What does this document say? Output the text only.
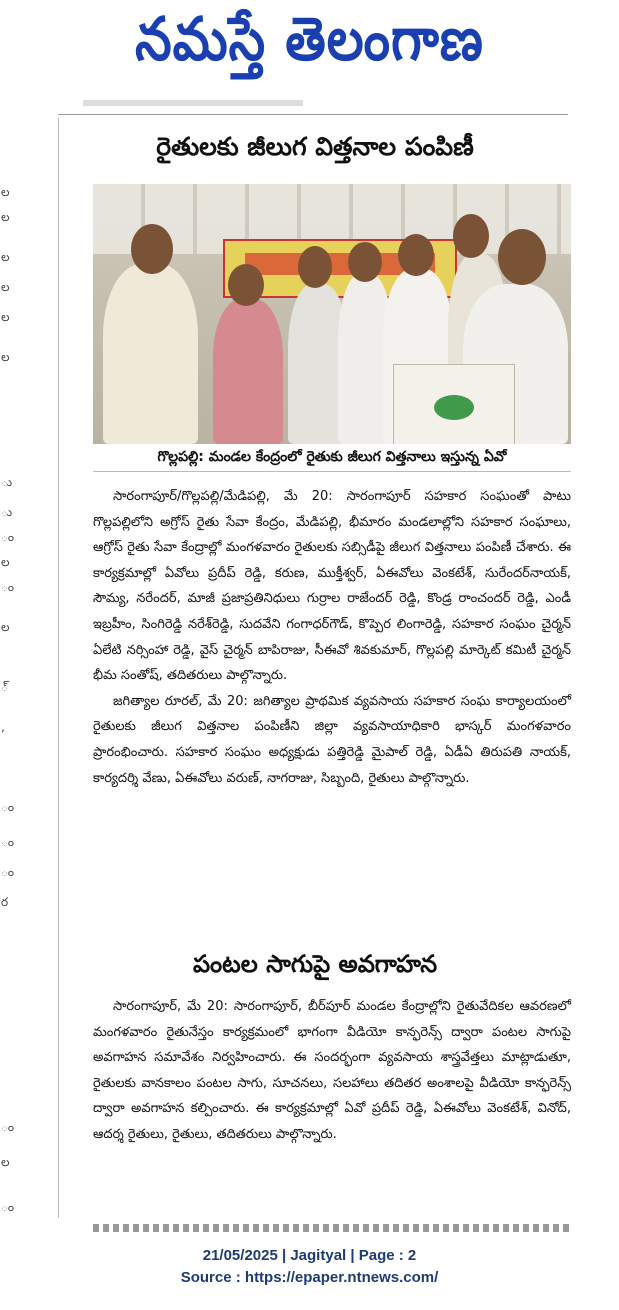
నమస్తే తెలంగాణ
ల
ల
ల
ల
ల
ల
ు
ు
ం
ల
ం
ల
్
,
ం
ం
ం
ర
ం
ల
ం
రైతులకు జీలుగ విత్తనాల పంపిణీ
గొల్లపల్లి: మండల కేంద్రంలో రైతుకు జీలుగ విత్తనాలు ఇస్తున్న ఏవో

సారంగాపూర్/గొల్లపల్లి/మేడిపల్లి, మే 20: సారంగాపూర్ సహకార సంఘంతో పాటు గొల్లపల్లిలోని అగ్రోస్ రైతు సేవా కేంద్రం, మేడిపల్లి, భీమారం మండలాల్లోని సహకార సంఘాలు, ఆగ్రోస్ రైతు సేవా కేంద్రాల్లో మంగళవారం రైతులకు సబ్సిడీపై జీలుగ విత్తనాలు పంపిణీ చేశారు. ఈ కార్యక్రమాల్లో ఏవోలు ప్రదీప్ రెడ్డి, కరుణ, ముక్తీశ్వర్, ఏఈవోలు వెంకటేశ్, సురేందర్‌నాయక్, సౌమ్య, నరేందర్, మాజీ ప్రజాప్రతినిధులు గుర్రాల రాజేందర్ రెడ్డి, కొండ్ర రాంచందర్ రెడ్డి, ఎండీ ఇబ్రహీం, సింగిరెడ్డి నరేశ్‌రెడ్డి, సుదవేని గంగాధర్‌గౌడ్, కొప్పెర లింగారెడ్డి, సహకార సంఘం చైర్మన్ ఏలేటి నర్సింహా రెడ్డి, వైస్ చైర్మన్ బాపిరాజు, సీఈవో శివకుమార్, గొల్లపల్లి మార్కెట్ కమిటీ చైర్మన్ భీమ సంతోష్, తదితరులు పాల్గొన్నారు.

జగిత్యాల రూరల్, మే 20: జగిత్యాల ప్రాథమిక వ్యవసాయ సహకార సంఘ కార్యాలయంలో రైతులకు జీలుగ విత్తనాల పంపిణీని జిల్లా వ్యవసాయాధికారి భాస్కర్ మంగళవారం ప్రారంభించారు. సహకార సంఘం అధ్యక్షుడు పత్తిరెడ్డి మైపాల్ రెడ్డి, ఏడీఏ తిరుపతి నాయక్, కార్యదర్శి వేణు, ఏఈవోలు వరుణ్, నాగరాజు, సిబ్బంది, రైతులు పాల్గొన్నారు.

పంటల సాగుపై అవగాహన

సారంగాపూర్, మే 20: సారంగాపూర్, బీర్‌పూర్ మండల కేంద్రాల్లోని రైతువేదికల ఆవరణలో మంగళవారం రైతునేస్తం కార్యక్రమంలో భాగంగా వీడియో కాన్ఫరెన్స్ ద్వారా పంటల సాగుపై అవగాహన సమావేశం నిర్వహించారు. ఈ సందర్భంగా వ్యవసాయ శాస్త్రవేత్తలు మాట్లాడుతూ, రైతులకు వానకాలం పంటల సాగు, సూచనలు, సలహాలు తదితర అంశాలపై వీడియో కాన్ఫరెన్స్ ద్వారా అవగాహన కల్పించారు. ఈ కార్యక్రమాల్లో ఏవో ప్రదీప్ రెడ్డి, ఏఈవోలు వెంకటేశ్, వినోద్, ఆదర్శ రైతులు, రైతులు, తదితరులు పాల్గొన్నారు.

21/05/2025 | Jagityal | Page : 2
Source : https://epaper.ntnews.com/
